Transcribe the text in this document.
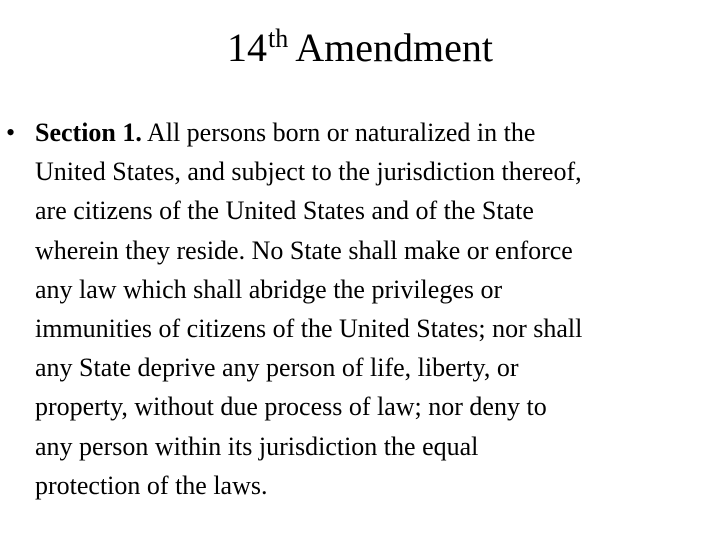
14th Amendment
• Section 1. All persons born or naturalized in the
United States, and subject to the jurisdiction thereof,
are citizens of the United States and of the State
wherein they reside. No State shall make or enforce
any law which shall abridge the privileges or
immunities of citizens of the United States; nor shall
any State deprive any person of life, liberty, or
property, without due process of law; nor deny to
any person within its jurisdiction the equal
protection of the laws.
